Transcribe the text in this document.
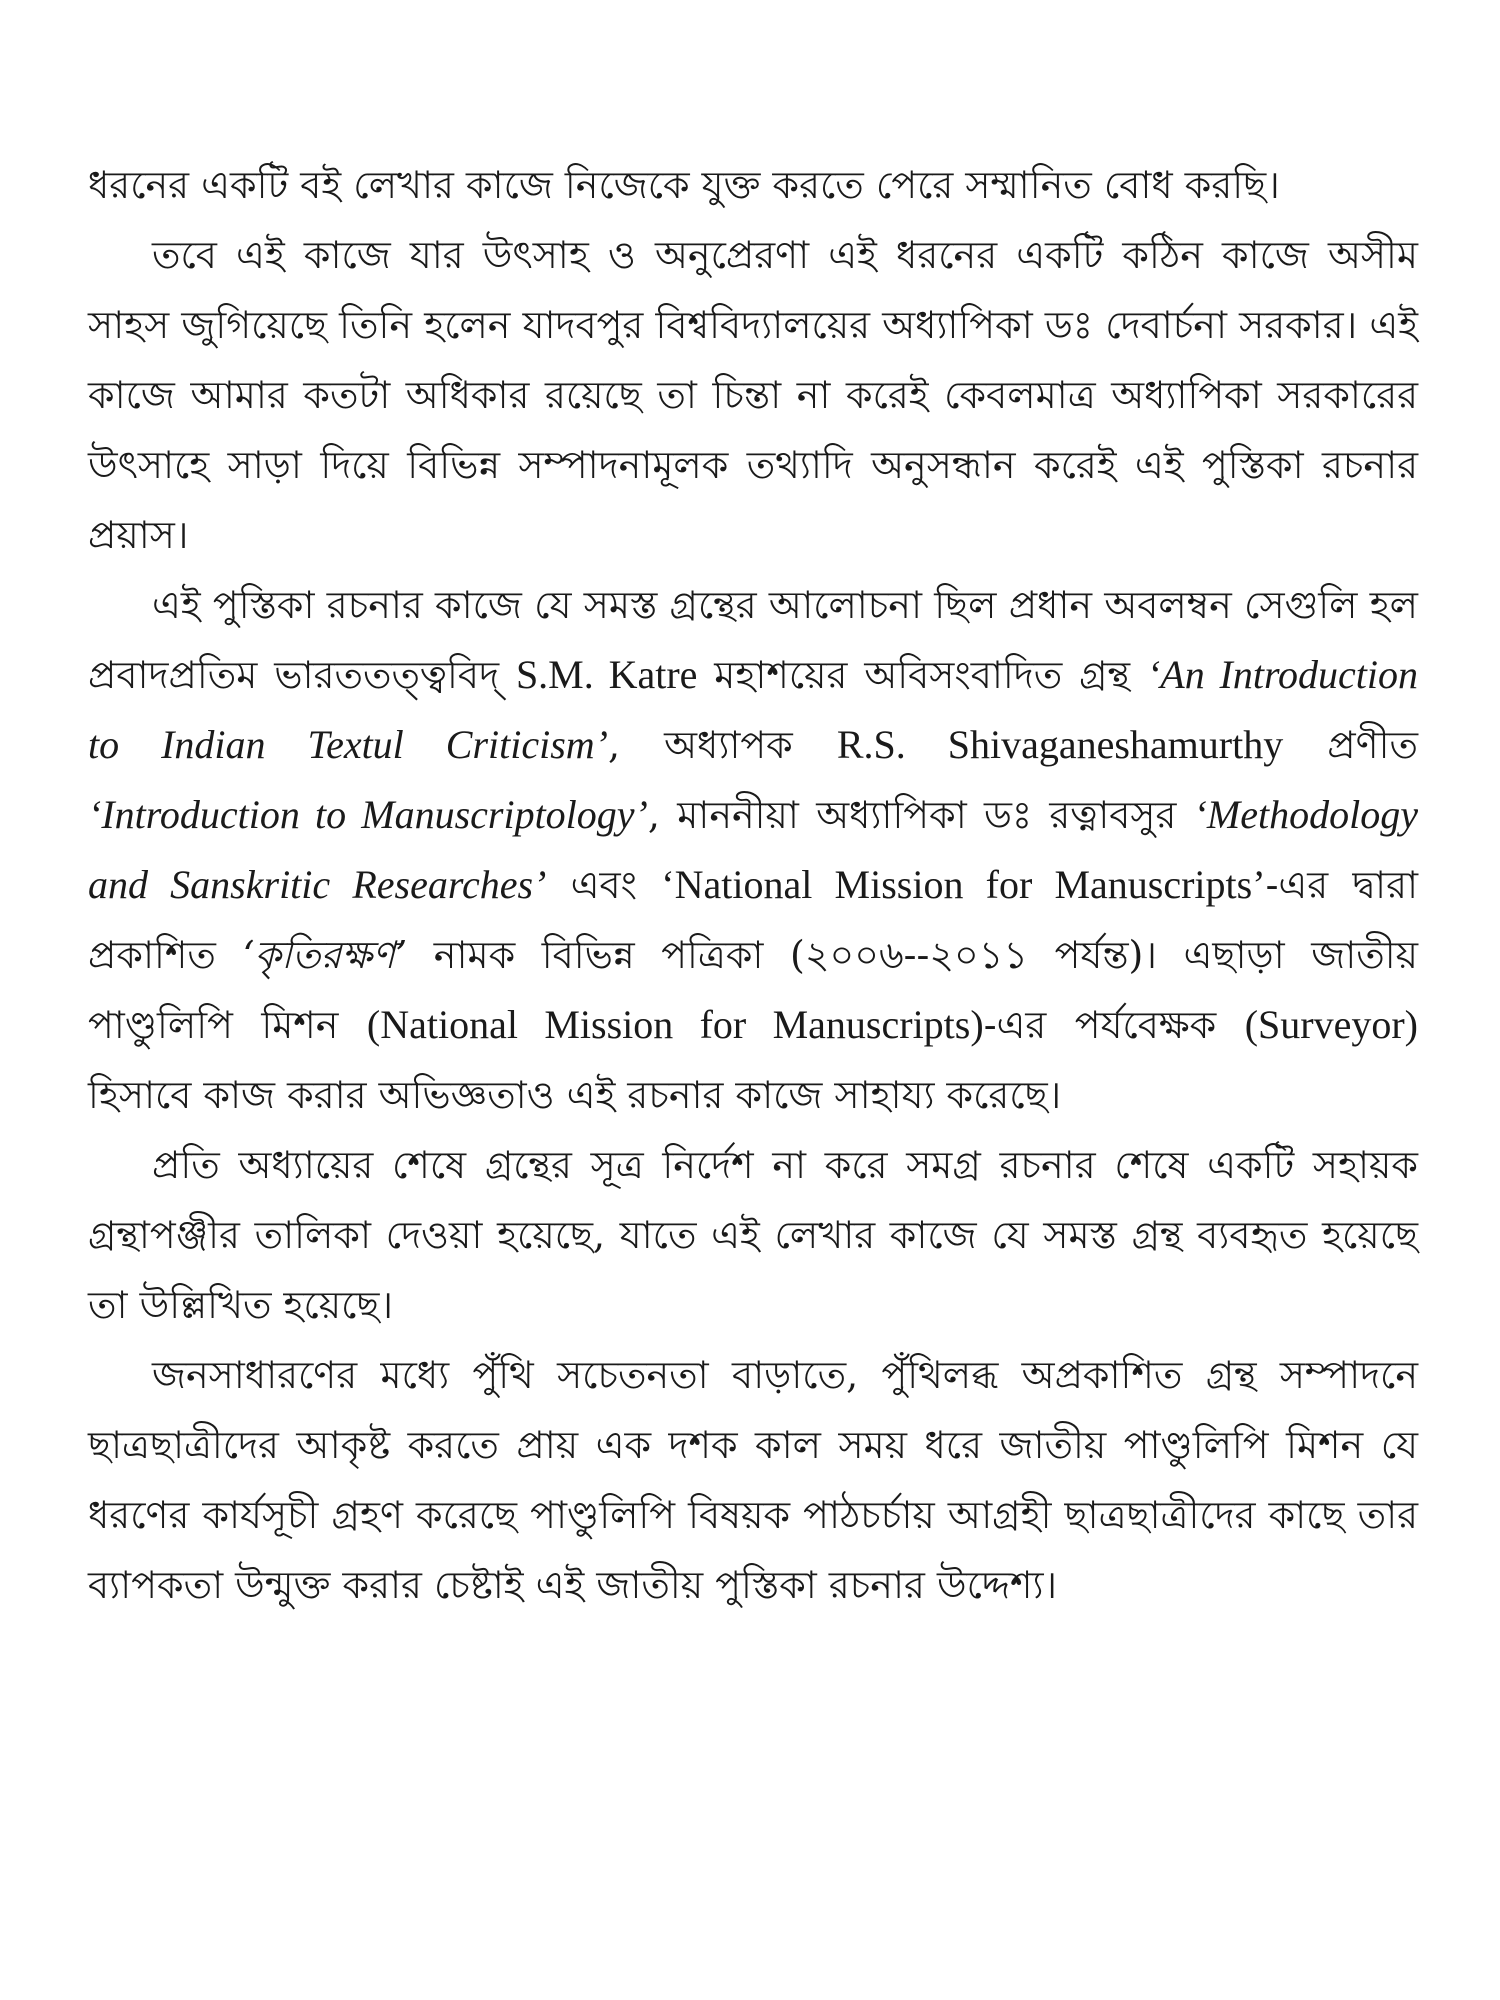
ধরনের একটি বই লেখার কাজে নিজেকে যুক্ত করতে পেরে সম্মানিত বোধ করছি।

তবে এই কাজে যার উৎসাহ ও অনুপ্রেরণা এই ধরনের একটি কঠিন কাজে অসীম সাহস জুগিয়েছে তিনি হলেন যাদবপুর বিশ্ববিদ্যালয়ের অধ্যাপিকা ডঃ দেবার্চনা সরকার। এই কাজে আমার কতটা অধিকার রয়েছে তা চিন্তা না করেই কেবলমাত্র অধ্যাপিকা সরকারের উৎসাহে সাড়া দিয়ে বিভিন্ন সম্পাদনামূলক তথ্যাদি অনুসন্ধান করেই এই পুস্তিকা রচনার প্রয়াস।

এই পুস্তিকা রচনার কাজে যে সমস্ত গ্রন্থের আলোচনা ছিল প্রধান অবলম্বন সেগুলি হল প্রবাদপ্রতিম ভারততত্ত্ববিদ্ S.M. Katre মহাশয়ের অবিসংবাদিত গ্রন্থ ‘An Introduction to Indian Textul Criticism’, অধ্যাপক R.S. Shivaganeshamurthy প্রণীত ‘Introduction to Manuscriptology’, মাননীয়া অধ্যাপিকা ডঃ রত্নাবসুর ‘Methodology and Sanskritic Researches’ এবং ‘National Mission for Manuscripts’-এর দ্বারা প্রকাশিত ‘কৃতিরক্ষণ’ নামক বিভিন্ন পত্রিকা (২০০৬--২০১১ পর্যন্ত)। এছাড়া জাতীয় পাণ্ডুলিপি মিশন (National Mission for Manuscripts)-এর পর্যবেক্ষক (Surveyor) হিসাবে কাজ করার অভিজ্ঞতাও এই রচনার কাজে সাহায্য করেছে।

প্রতি অধ্যায়ের শেষে গ্রন্থের সূত্র নির্দেশ না করে সমগ্র রচনার শেষে একটি সহায়ক গ্রন্থাপঞ্জীর তালিকা দেওয়া হয়েছে, যাতে এই লেখার কাজে যে সমস্ত গ্রন্থ ব্যবহৃত হয়েছে তা উল্লিখিত হয়েছে।

জনসাধারণের মধ্যে পুঁথি সচেতনতা বাড়াতে, পুঁথিলব্ধ অপ্রকাশিত গ্রন্থ সম্পাদনে ছাত্রছাত্রীদের আকৃষ্ট করতে প্রায় এক দশক কাল সময় ধরে জাতীয় পাণ্ডুলিপি মিশন যে ধরণের কার্যসূচী গ্রহণ করেছে পাণ্ডুলিপি বিষয়ক পাঠচর্চায় আগ্রহী ছাত্রছাত্রীদের কাছে তার ব্যাপকতা উন্মুক্ত করার চেষ্টাই এই জাতীয় পুস্তিকা রচনার উদ্দেশ্য।
